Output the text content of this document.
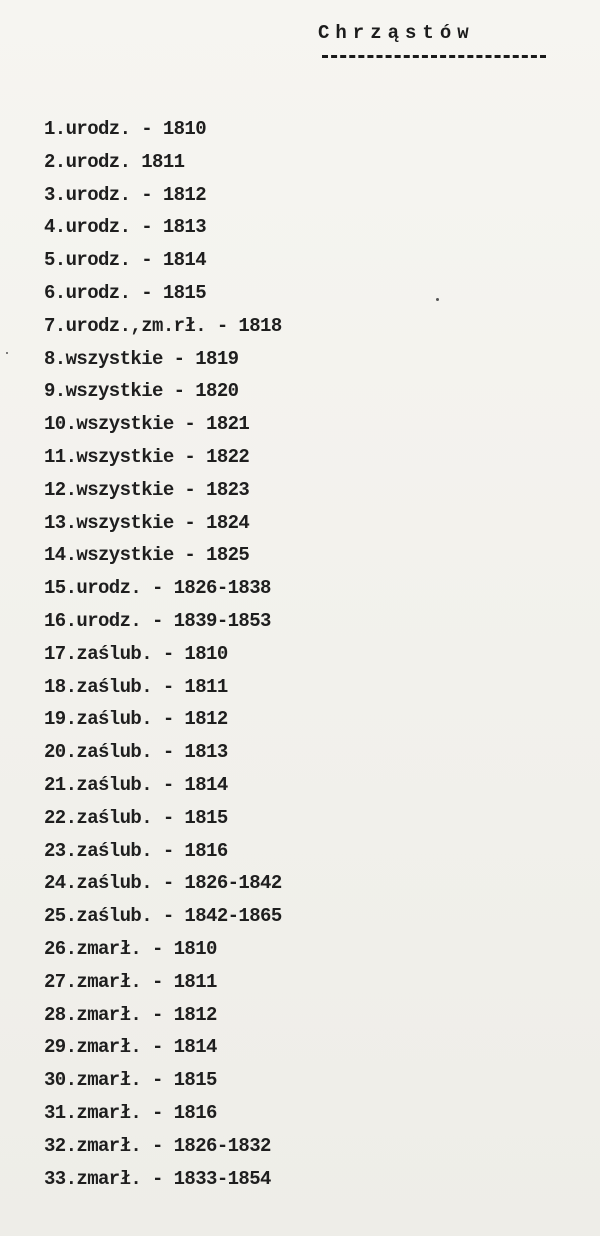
Chrząstów
1.urodz. - 1810
2.urodz. 1811
3.urodz. - 1812
4.urodz. - 1813
5.urodz. - 1814
6.urodz. - 1815
7.urodz.,zm.rł. - 1818
8.wszystkie - 1819
9.wszystkie - 1820
10.wszystkie - 1821
11.wszystkie - 1822
12.wszystkie - 1823
13.wszystkie - 1824
14.wszystkie - 1825
15.urodz. - 1826-1838
16.urodz. - 1839-1853
17.zaślub. - 1810
18.zaślub. - 1811
19.zaślub. - 1812
20.zaślub. - 1813
21.zaślub. - 1814
22.zaślub. - 1815
23.zaślub. - 1816
24.zaślub. - 1826-1842
25.zaślub. - 1842-1865
26.zmarł. - 1810
27.zmarł. - 1811
28.zmarł. - 1812
29.zmarł. - 1814
30.zmarł. - 1815
31.zmarł. - 1816
32.zmarł. - 1826-1832
33.zmarł. - 1833-1854
